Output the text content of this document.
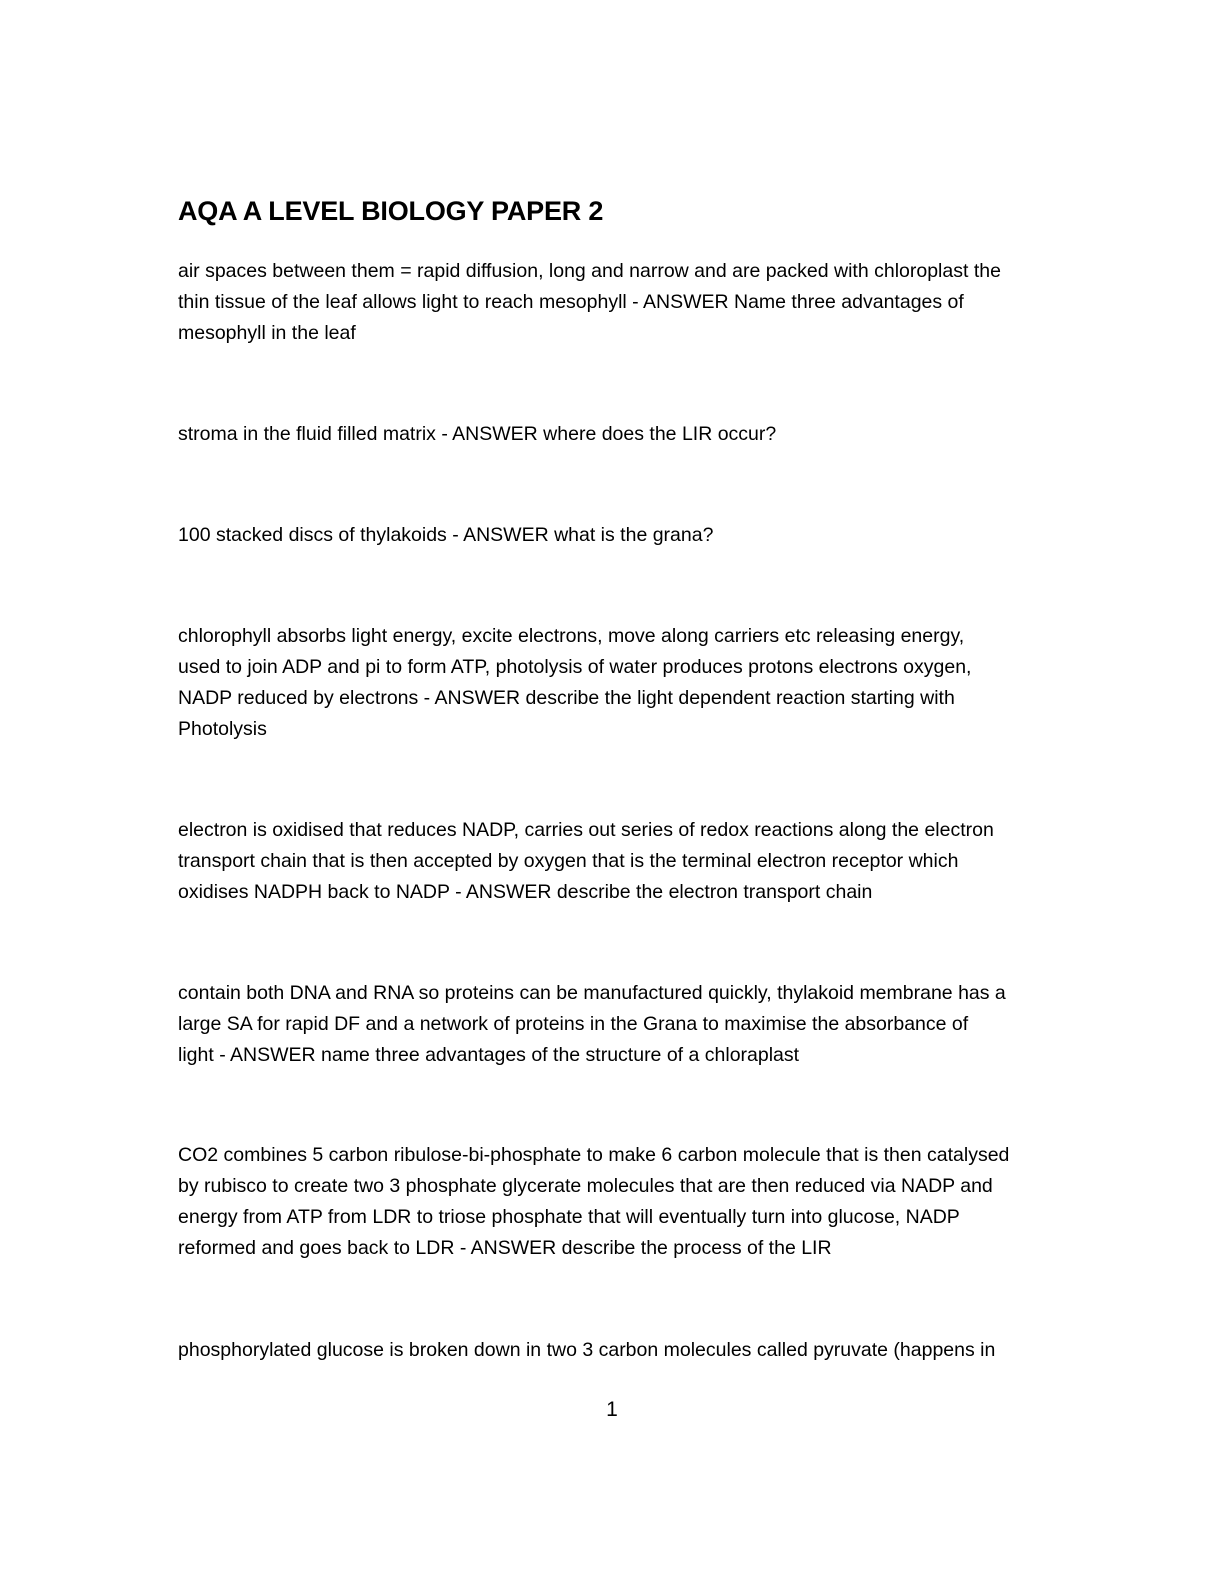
AQA A LEVEL BIOLOGY PAPER 2
air spaces between them = rapid diffusion, long and narrow and are packed with chloroplast the
thin tissue of the leaf allows light to reach mesophyll - ANSWER Name three advantages of
mesophyll in the leaf
stroma in the fluid filled matrix - ANSWER where does the LIR occur?
100 stacked discs of thylakoids - ANSWER what is the grana?
chlorophyll absorbs light energy, excite electrons, move along carriers etc releasing energy,
used to join ADP and pi to form ATP, photolysis of water produces protons electrons oxygen,
NADP reduced by electrons - ANSWER describe the light dependent reaction starting with
Photolysis
electron is oxidised that reduces NADP, carries out series of redox reactions along the electron
transport chain that is then accepted by oxygen that is the terminal electron receptor which
oxidises NADPH back to NADP - ANSWER describe the electron transport chain
contain both DNA and RNA so proteins can be manufactured quickly, thylakoid membrane has a
large SA for rapid DF and a network of proteins in the Grana to maximise the absorbance of
light - ANSWER name three advantages of the structure of a chloraplast
CO2 combines 5 carbon ribulose-bi-phosphate to make 6 carbon molecule that is then catalysed
by rubisco to create two 3 phosphate glycerate molecules that are then reduced via NADP and
energy from ATP from LDR to triose phosphate that will eventually turn into glucose, NADP
reformed and goes back to LDR - ANSWER describe the process of the LIR
phosphorylated glucose is broken down in two 3 carbon molecules called pyruvate (happens in
1
